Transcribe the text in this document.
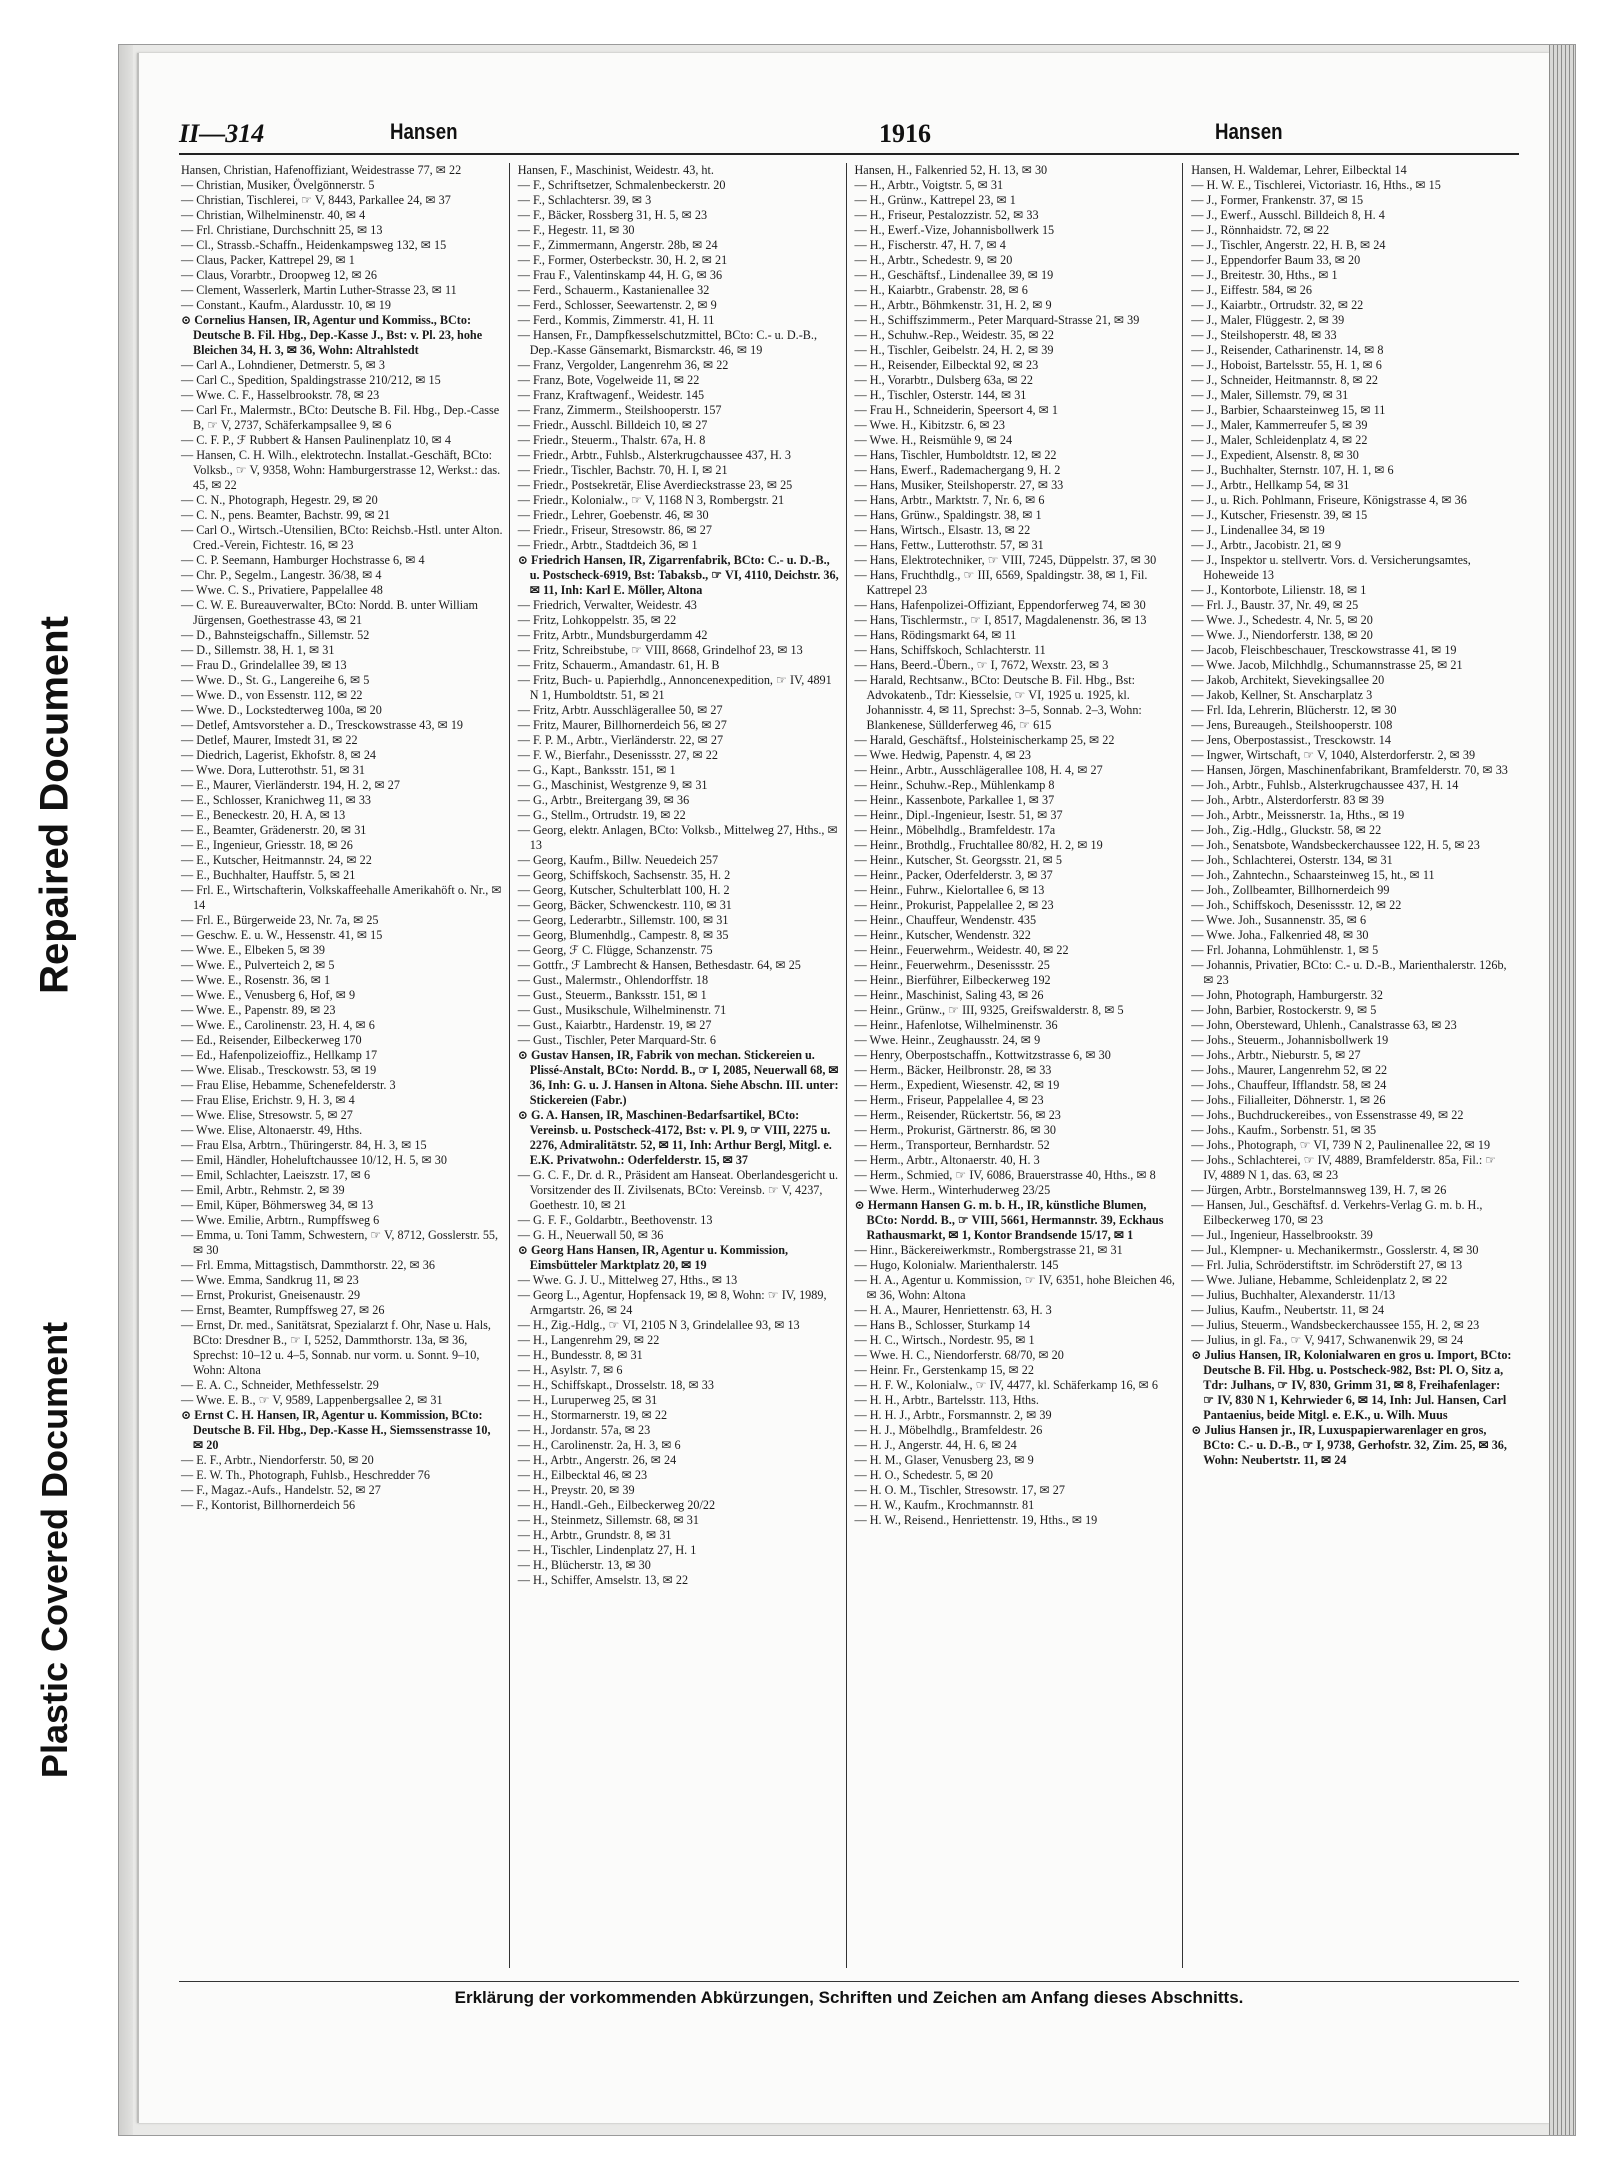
Repaired Document
Plastic Covered Document
II—314	Hansen	1916	Hansen
Hansen, Christian, Hafenoffiziant, Weidestrasse 77, ✉ 22
— Christian, Musiker, Övelgönnerstr. 5
— Christian, Tischlerei, ☞ V, 8443, Parkallee 24, ✉ 37
— Christian, Wilhelminenstr. 40, ✉ 4
— Frl. Christiane, Durchschnitt 25, ✉ 13
— Cl., Strassb.-Schaffn., Heidenkampsweg 132, ✉ 15
— Claus, Packer, Kattrepel 29, ✉ 1
— Claus, Vorarbtr., Droopweg 12, ✉ 26
— Clement, Wasserlerk, Martin Luther-Strasse 23, ✉ 11
— Constant., Kaufm., Alardusstr. 10, ✉ 19
⊙ Cornelius Hansen, IR, Agentur und Kommiss., BCto: Deutsche B. Fil. Hbg., Dep.-Kasse J., Bst: v. Pl. 23, hohe Bleichen 34, H. 3, ✉ 36, Wohn: Altrahlstedt
— Carl A., Lohndiener, Detmerstr. 5, ✉ 3
— Carl C., Spedition, Spaldingstrasse 210/212, ✉ 15
— Wwe. C. F., Hasselbrookstr. 78, ✉ 23
— Carl Fr., Malermstr., BCto: Deutsche B. Fil. Hbg., Dep.-Casse B, ☞ V, 2737, Schäferkampsallee 9, ✉ 6
— C. F. P., ℱ Rubbert & Hansen Paulinenplatz 10, ✉ 4
— Hansen, C. H. Wilh., elektrotechn. Installat.-Geschäft, BCto: Volksb., ☞ V, 9358, Wohn: Hamburgerstrasse 12, Werkst.: das. 45, ✉ 22
— C. N., Photograph, Hegestr. 29, ✉ 20
— C. N., pens. Beamter, Bachstr. 99, ✉ 21
— Carl O., Wirtsch.-Utensilien, BCto: Reichsb.-Hstl. unter Alton. Cred.-Verein, Fichtestr. 16, ✉ 23
— C. P. Seemann, Hamburger Hochstrasse 6, ✉ 4
— Chr. P., Segelm., Langestr. 36/38, ✉ 4
— Wwe. C. S., Privatiere, Pappelallee 48
— C. W. E. Bureauverwalter, BCto: Nordd. B. unter William Jürgensen, Goethestrasse 43, ✉ 21
— D., Bahnsteigschaffn., Sillemstr. 52
— D., Sillemstr. 38, H. 1, ✉ 31
— Frau D., Grindelallee 39, ✉ 13
— Wwe. D., St. G., Langereihe 6, ✉ 5
— Wwe. D., von Essenstr. 112, ✉ 22
— Wwe. D., Lockstedterweg 100a, ✉ 20
— Detlef, Amtsvorsteher a. D., Tresckowstrasse 43, ✉ 19
— Detlef, Maurer, Imstedt 31, ✉ 22
— Diedrich, Lagerist, Ekhofstr. 8, ✉ 24
— Wwe. Dora, Lutterothstr. 51, ✉ 31
— E., Maurer, Vierländerstr. 194, H. 2, ✉ 27
— E., Schlosser, Kranichweg 11, ✉ 33
— E., Beneckestr. 20, H. A, ✉ 13
— E., Beamter, Grädenerstr. 20, ✉ 31
— E., Ingenieur, Griesstr. 18, ✉ 26
— E., Kutscher, Heitmannstr. 24, ✉ 22
— E., Buchhalter, Hauffstr. 5, ✉ 21
— Frl. E., Wirtschafterin, Volkskaffeehalle Amerikahöft o. Nr., ✉ 14
— Frl. E., Bürgerweide 23, Nr. 7a, ✉ 25
— Geschw. E. u. W., Hessenstr. 41, ✉ 15
— Wwe. E., Elbeken 5, ✉ 39
— Wwe. E., Pulverteich 2, ✉ 5
— Wwe. E., Rosenstr. 36, ✉ 1
— Wwe. E., Venusberg 6, Hof, ✉ 9
— Wwe. E., Papenstr. 89, ✉ 23
— Wwe. E., Carolinenstr. 23, H. 4, ✉ 6
— Ed., Reisender, Eilbeckerweg 170
— Ed., Hafenpolizeioffiz., Hellkamp 17
— Wwe. Elisab., Tresckowstr. 53, ✉ 19
— Frau Elise, Hebamme, Schenefelderstr. 3
— Frau Elise, Erichstr. 9, H. 3, ✉ 4
— Wwe. Elise, Stresowstr. 5, ✉ 27
— Wwe. Elise, Altonaerstr. 49, Hths.
— Frau Elsa, Arbtrn., Thüringerstr. 84, H. 3, ✉ 15
— Emil, Händler, Hoheluftchaussee 10/12, H. 5, ✉ 30
— Emil, Schlachter, Laeiszstr. 17, ✉ 6
— Emil, Arbtr., Rehmstr. 2, ✉ 39
— Emil, Küper, Böhmersweg 34, ✉ 13
— Wwe. Emilie, Arbtrn., Rumpffsweg 6
— Emma, u. Toni Tamm, Schwestern, ☞ V, 8712, Gosslerstr. 55, ✉ 30
— Frl. Emma, Mittagstisch, Dammthorstr. 22, ✉ 36
— Wwe. Emma, Sandkrug 11, ✉ 23
— Ernst, Prokurist, Gneisenaustr. 29
— Ernst, Beamter, Rumpffsweg 27, ✉ 26
— Ernst, Dr. med., Sanitätsrat, Spezialarzt f. Ohr, Nase u. Hals, BCto: Dresdner B., ☞ I, 5252, Dammthorstr. 13a, ✉ 36, Sprechst: 10–12 u. 4–5, Sonnab. nur vorm. u. Sonnt. 9–10, Wohn: Altona
— E. A. C., Schneider, Methfesselstr. 29
— Wwe. E. B., ☞ V, 9589, Lappenbergsallee 2, ✉ 31
⊙ Ernst C. H. Hansen, IR, Agentur u. Kommission, BCto: Deutsche B. Fil. Hbg., Dep.-Kasse H., Siemssenstrasse 10, ✉ 20
— E. F., Arbtr., Niendorferstr. 50, ✉ 20
— E. W. Th., Photograph, Fuhlsb., Heschredder 76
— F., Magaz.-Aufs., Handelstr. 52, ✉ 27
— F., Kontorist, Billhornerdeich 56
Hansen, F., Maschinist, Weidestr. 43, ht.
— F., Schriftsetzer, Schmalenbeckerstr. 20
— F., Schlachtersr. 39, ✉ 3
— F., Bäcker, Rossberg 31, H. 5, ✉ 23
— F., Hegestr. 11, ✉ 30
— F., Zimmermann, Angerstr. 28b, ✉ 24
— F., Former, Osterbeckstr. 30, H. 2, ✉ 21
— Frau F., Valentinskamp 44, H. G, ✉ 36
— Ferd., Schauerm., Kastanienallee 32
— Ferd., Schlosser, Seewartenstr. 2, ✉ 9
— Ferd., Kommis, Zimmerstr. 41, H. 11
— Hansen, Fr., Dampfkesselschutzmittel, BCto: C.- u. D.-B., Dep.-Kasse Gänsemarkt, Bismarckstr. 46, ✉ 19
— Franz, Vergolder, Langenrehm 36, ✉ 22
— Franz, Bote, Vogelweide 11, ✉ 22
— Franz, Kraftwagenf., Weidestr. 145
— Franz, Zimmerm., Steilshooperstr. 157
— Friedr., Ausschl. Billdeich 10, ✉ 27
— Friedr., Steuerm., Thalstr. 67a, H. 8
— Friedr., Arbtr., Fuhlsb., Alsterkrugchaussee 437, H. 3
— Friedr., Tischler, Bachstr. 70, H. I, ✉ 21
— Friedr., Postsekretär, Elise Averdieckstrasse 23, ✉ 25
— Friedr., Kolonialw., ☞ V, 1168 N 3, Rombergstr. 21
— Friedr., Lehrer, Goebenstr. 46, ✉ 30
— Friedr., Friseur, Stresowstr. 86, ✉ 27
— Friedr., Arbtr., Stadtdeich 36, ✉ 1
⊙ Friedrich Hansen, IR, Zigarrenfabrik, BCto: C.- u. D.-B., u. Postscheck-6919, Bst: Tabaksb., ☞ VI, 4110, Deichstr. 36, ✉ 11, Inh: Karl E. Möller, Altona
— Friedrich, Verwalter, Weidestr. 43
— Fritz, Lohkoppelstr. 35, ✉ 22
— Fritz, Arbtr., Mundsburgerdamm 42
— Fritz, Schreibstube, ☞ VIII, 8668, Grindelhof 23, ✉ 13
— Fritz, Schauerm., Amandastr. 61, H. B
— Fritz, Buch- u. Papierhdlg., Annoncenexpedition, ☞ IV, 4891 N 1, Humboldtstr. 51, ✉ 21
— Fritz, Arbtr. Ausschlägerallee 50, ✉ 27
— Fritz, Maurer, Billhornerdeich 56, ✉ 27
— F. P. M., Arbtr., Vierländerstr. 22, ✉ 27
— F. W., Bierfahr., Desenissstr. 27, ✉ 22
— G., Kapt., Banksstr. 151, ✉ 1
— G., Maschinist, Westgrenze 9, ✉ 31
— G., Arbtr., Breitergang 39, ✉ 36
— G., Stellm., Ortrudstr. 19, ✉ 22
— Georg, elektr. Anlagen, BCto: Volksb., Mittelweg 27, Hths., ✉ 13
— Georg, Kaufm., Billw. Neuedeich 257
— Georg, Schiffskoch, Sachsenstr. 35, H. 2
— Georg, Kutscher, Schulterblatt 100, H. 2
— Georg, Bäcker, Schwenckestr. 110, ✉ 31
— Georg, Lederarbtr., Sillemstr. 100, ✉ 31
— Georg, Blumenhdlg., Campestr. 8, ✉ 35
— Georg, ℱ C. Flügge, Schanzenstr. 75
— Gottfr., ℱ Lambrecht & Hansen, Bethesdastr. 64, ✉ 25
— Gust., Malermstr., Ohlendorffstr. 18
— Gust., Steuerm., Banksstr. 151, ✉ 1
— Gust., Musikschule, Wilhelminenstr. 71
— Gust., Kaiarbtr., Hardenstr. 19, ✉ 27
— Gust., Tischler, Peter Marquard-Str. 6
⊙ Gustav Hansen, IR, Fabrik von mechan. Stickereien u. Plissé-Anstalt, BCto: Nordd. B., ☞ I, 2085, Neuerwall 68, ✉ 36, Inh: G. u. J. Hansen in Altona. Siehe Abschn. III. unter: Stickereien (Fabr.)
⊙ G. A. Hansen, IR, Maschinen-Bedarfsartikel, BCto: Vereinsb. u. Postscheck-4172, Bst: v. Pl. 9, ☞ VIII, 2275 u. 2276, Admiralitätstr. 52, ✉ 11, Inh: Arthur Bergl, Mitgl. e. E.K. Privatwohn.: Oderfelderstr. 15, ✉ 37
— G. C. F., Dr. d. R., Präsident am Hanseat. Oberlandesgericht u. Vorsitzender des II. Zivilsenats, BCto: Vereinsb. ☞ V, 4237, Goethestr. 10, ✉ 21
— G. F. F., Goldarbtr., Beethovenstr. 13
— G. H., Neuerwall 50, ✉ 36
⊙ Georg Hans Hansen, IR, Agentur u. Kommission, Eimsbütteler Marktplatz 20, ✉ 19
— Wwe. G. J. U., Mittelweg 27, Hths., ✉ 13
— Georg L., Agentur, Hopfensack 19, ✉ 8, Wohn: ☞ IV, 1989, Armgartstr. 26, ✉ 24
— H., Zig.-Hdlg., ☞ VI, 2105 N 3, Grindelallee 93, ✉ 13
— H., Langenrehm 29, ✉ 22
— H., Bundesstr. 8, ✉ 31
— H., Asylstr. 7, ✉ 6
— H., Schiffskapt., Drosselstr. 18, ✉ 33
— H., Luruperweg 25, ✉ 31
— H., Stormarnerstr. 19, ✉ 22
— H., Jordanstr. 57a, ✉ 23
— H., Carolinenstr. 2a, H. 3, ✉ 6
— H., Arbtr., Angerstr. 26, ✉ 24
— H., Eilbecktal 46, ✉ 23
— H., Preystr. 20, ✉ 39
— H., Handl.-Geh., Eilbeckerweg 20/22
— H., Steinmetz, Sillemstr. 68, ✉ 31
— H., Arbtr., Grundstr. 8, ✉ 31
— H., Tischler, Lindenplatz 27, H. 1
— H., Blücherstr. 13, ✉ 30
— H., Schiffer, Amselstr. 13, ✉ 22
Hansen, H., Falkenried 52, H. 13, ✉ 30
— H., Arbtr., Voigtstr. 5, ✉ 31
— H., Grünw., Kattrepel 23, ✉ 1
— H., Friseur, Pestalozzistr. 52, ✉ 33
— H., Ewerf.-Vize, Johannisbollwerk 15
— H., Fischerstr. 47, H. 7, ✉ 4
— H., Arbtr., Schedestr. 9, ✉ 20
— H., Geschäftsf., Lindenallee 39, ✉ 19
— H., Kaiarbtr., Grabenstr. 28, ✉ 6
— H., Arbtr., Böhmkenstr. 31, H. 2, ✉ 9
— H., Schiffszimmerm., Peter Marquard-Strasse 21, ✉ 39
— H., Schuhw.-Rep., Weidestr. 35, ✉ 22
— H., Tischler, Geibelstr. 24, H. 2, ✉ 39
— H., Reisender, Eilbecktal 92, ✉ 23
— H., Vorarbtr., Dulsberg 63a, ✉ 22
— H., Tischler, Osterstr. 144, ✉ 31
— Frau H., Schneiderin, Speersort 4, ✉ 1
— Wwe. H., Kibitzstr. 6, ✉ 23
— Wwe. H., Reismühle 9, ✉ 24
— Hans, Tischler, Humboldtstr. 12, ✉ 22
— Hans, Ewerf., Rademachergang 9, H. 2
— Hans, Musiker, Steilshoperstr. 27, ✉ 33
— Hans, Arbtr., Marktstr. 7, Nr. 6, ✉ 6
— Hans, Grünw., Spaldingstr. 38, ✉ 1
— Hans, Wirtsch., Elsastr. 13, ✉ 22
— Hans, Fettw., Lutterothstr. 57, ✉ 31
— Hans, Elektrotechniker, ☞ VIII, 7245, Düppelstr. 37, ✉ 30
— Hans, Fruchthdlg., ☞ III, 6569, Spaldingstr. 38, ✉ 1, Fil. Kattrepel 23
— Hans, Hafenpolizei-Offiziant, Eppendorferweg 74, ✉ 30
— Hans, Tischlermstr., ☞ I, 8517, Magdalenenstr. 36, ✉ 13
— Hans, Rödingsmarkt 64, ✉ 11
— Hans, Schiffskoch, Schlachterstr. 11
— Hans, Beerd.-Übern., ☞ I, 7672, Wexstr. 23, ✉ 3
— Harald, Rechtsanw., BCto: Deutsche B. Fil. Hbg., Bst: Advokatenb., Tdr: Kiesselsie, ☞ VI, 1925 u. 1925, kl. Johannisstr. 4, ✉ 11, Sprechst: 3–5, Sonnab. 2–3, Wohn: Blankenese, Süllderferweg 46, ☞ 615
— Harald, Geschäftsf., Holsteinischerkamp 25, ✉ 22
— Wwe. Hedwig, Papenstr. 4, ✉ 23
— Heinr., Arbtr., Ausschlägerallee 108, H. 4, ✉ 27
— Heinr., Schuhw.-Rep., Mühlenkamp 8
— Heinr., Kassenbote, Parkallee 1, ✉ 37
— Heinr., Dipl.-Ingenieur, Isestr. 51, ✉ 37
— Heinr., Möbelhdlg., Bramfeldestr. 17a
— Heinr., Brothdlg., Fruchtallee 80/82, H. 2, ✉ 19
— Heinr., Kutscher, St. Georgsstr. 21, ✉ 5
— Heinr., Packer, Oderfelderstr. 3, ✉ 37
— Heinr., Fuhrw., Kielortallee 6, ✉ 13
— Heinr., Prokurist, Pappelallee 2, ✉ 23
— Heinr., Chauffeur, Wendenstr. 435
— Heinr., Kutscher, Wendenstr. 322
— Heinr., Feuerwehrm., Weidestr. 40, ✉ 22
— Heinr., Feuerwehrm., Desenissstr. 25
— Heinr., Bierführer, Eilbeckerweg 192
— Heinr., Maschinist, Saling 43, ✉ 26
— Heinr., Grünw., ☞ III, 9325, Greifswalderstr. 8, ✉ 5
— Heinr., Hafenlotse, Wilhelminenstr. 36
— Wwe. Heinr., Zeughausstr. 24, ✉ 9
— Henry, Oberpostschaffn., Kottwitzstrasse 6, ✉ 30
— Herm., Bäcker, Heilbronstr. 28, ✉ 33
— Herm., Expedient, Wiesenstr. 42, ✉ 19
— Herm., Friseur, Pappelallee 4, ✉ 23
— Herm., Reisender, Rückertstr. 56, ✉ 23
— Herm., Prokurist, Gärtnerstr. 86, ✉ 30
— Herm., Transporteur, Bernhardstr. 52
— Herm., Arbtr., Altonaerstr. 40, H. 3
— Herm., Schmied, ☞ IV, 6086, Brauerstrasse 40, Hths., ✉ 8
— Wwe. Herm., Winterhuderweg 23/25
⊙ Hermann Hansen G. m. b. H., IR, künstliche Blumen, BCto: Nordd. B., ☞ VIII, 5661, Hermannstr. 39, Eckhaus Rathausmarkt, ✉ 1, Kontor Brandsende 15/17, ✉ 1
— Hinr., Bäckereiwerkmstr., Rombergstrasse 21, ✉ 31
— Hugo, Kolonialw. Marienthalerstr. 145
— H. A., Agentur u. Kommission, ☞ IV, 6351, hohe Bleichen 46, ✉ 36, Wohn: Altona
— H. A., Maurer, Henriettenstr. 63, H. 3
— Hans B., Schlosser, Sturkamp 14
— H. C., Wirtsch., Nordestr. 95, ✉ 1
— Wwe. H. C., Niendorferstr. 68/70, ✉ 20
— Heinr. Fr., Gerstenkamp 15, ✉ 22
— H. F. W., Kolonialw., ☞ IV, 4477, kl. Schäferkamp 16, ✉ 6
— H. H., Arbtr., Bartelsstr. 113, Hths.
— H. H. J., Arbtr., Forsmannstr. 2, ✉ 39
— H. J., Möbelhdlg., Bramfeldestr. 26
— H. J., Angerstr. 44, H. 6, ✉ 24
— H. M., Glaser, Venusberg 23, ✉ 9
— H. O., Schedestr. 5, ✉ 20
— H. O. M., Tischler, Stresowstr. 17, ✉ 27
— H. W., Kaufm., Krochmannstr. 81
— H. W., Reisend., Henriettenstr. 19, Hths., ✉ 19
Hansen, H. Waldemar, Lehrer, Eilbecktal 14
— H. W. E., Tischlerei, Victoriastr. 16, Hths., ✉ 15
— J., Former, Frankenstr. 37, ✉ 15
— J., Ewerf., Ausschl. Billdeich 8, H. 4
— J., Rönnhaidstr. 72, ✉ 22
— J., Tischler, Angerstr. 22, H. B, ✉ 24
— J., Eppendorfer Baum 33, ✉ 20
— J., Breitestr. 30, Hths., ✉ 1
— J., Eiffestr. 584, ✉ 26
— J., Kaiarbtr., Ortrudstr. 32, ✉ 22
— J., Maler, Flüggestr. 2, ✉ 39
— J., Steilshoperstr. 48, ✉ 33
— J., Reisender, Catharinenstr. 14, ✉ 8
— J., Hoboist, Bartelsstr. 55, H. 1, ✉ 6
— J., Schneider, Heitmannstr. 8, ✉ 22
— J., Maler, Sillemstr. 79, ✉ 31
— J., Barbier, Schaarsteinweg 15, ✉ 11
— J., Maler, Kammerreufer 5, ✉ 39
— J., Maler, Schleidenplatz 4, ✉ 22
— J., Expedient, Alsenstr. 8, ✉ 30
— J., Buchhalter, Sternstr. 107, H. 1, ✉ 6
— J., Arbtr., Hellkamp 54, ✉ 31
— J., u. Rich. Pohlmann, Friseure, Königstrasse 4, ✉ 36
— J., Kutscher, Friesenstr. 39, ✉ 15
— J., Lindenallee 34, ✉ 19
— J., Arbtr., Jacobistr. 21, ✉ 9
— J., Inspektor u. stellvertr. Vors. d. Versicherungsamtes, Hoheweide 13
— J., Kontorbote, Lilienstr. 18, ✉ 1
— Frl. J., Baustr. 37, Nr. 49, ✉ 25
— Wwe. J., Schedestr. 4, Nr. 5, ✉ 20
— Wwe. J., Niendorferstr. 138, ✉ 20
— Jacob, Fleischbeschauer, Tresckowstrasse 41, ✉ 19
— Wwe. Jacob, Milchhdlg., Schumannstrasse 25, ✉ 21
— Jakob, Architekt, Sievekingsallee 20
— Jakob, Kellner, St. Anscharplatz 3
— Frl. Ida, Lehrerin, Blücherstr. 12, ✉ 30
— Jens, Bureaugeh., Steilshooperstr. 108
— Jens, Oberpostassist., Tresckowstr. 14
— Ingwer, Wirtschaft, ☞ V, 1040, Alsterdorferstr. 2, ✉ 39
— Hansen, Jörgen, Maschinenfabrikant, Bramfelderstr. 70, ✉ 33
— Joh., Arbtr., Fuhlsb., Alsterkrugchaussee 437, H. 14
— Joh., Arbtr., Alsterdorferstr. 83 ✉ 39
— Joh., Arbtr., Meissnerstr. 1a, Hths., ✉ 19
— Joh., Zig.-Hdlg., Gluckstr. 58, ✉ 22
— Joh., Senatsbote, Wandsbeckerchaussee 122, H. 5, ✉ 23
— Joh., Schlachterei, Osterstr. 134, ✉ 31
— Joh., Zahntechn., Schaarsteinweg 15, ht., ✉ 11
— Joh., Zollbeamter, Billhornerdeich 99
— Joh., Schiffskoch, Desenissstr. 12, ✉ 22
— Wwe. Joh., Susannenstr. 35, ✉ 6
— Wwe. Joha., Falkenried 48, ✉ 30
— Frl. Johanna, Lohmühlenstr. 1, ✉ 5
— Johannis, Privatier, BCto: C.- u. D.-B., Marienthalerstr. 126b, ✉ 23
— John, Photograph, Hamburgerstr. 32
— John, Barbier, Rostockerstr. 9, ✉ 5
— John, Obersteward, Uhlenh., Canalstrasse 63, ✉ 23
— Johs., Steuerm., Johannisbollwerk 19
— Johs., Arbtr., Nieburstr. 5, ✉ 27
— Johs., Maurer, Langenrehm 52, ✉ 22
— Johs., Chauffeur, Ifflandstr. 58, ✉ 24
— Johs., Filialleiter, Döhnerstr. 1, ✉ 26
— Johs., Buchdruckereibes., von Essenstrasse 49, ✉ 22
— Johs., Kaufm., Sorbenstr. 51, ✉ 35
— Johs., Photograph, ☞ VI, 739 N 2, Paulinenallee 22, ✉ 19
— Johs., Schlachterei, ☞ IV, 4889, Bramfelderstr. 85a, Fil.: ☞ IV, 4889 N 1, das. 63, ✉ 23
— Jürgen, Arbtr., Borstelmannsweg 139, H. 7, ✉ 26
— Hansen, Jul., Geschäftsf. d. Verkehrs-Verlag G. m. b. H., Eilbeckerweg 170, ✉ 23
— Jul., Ingenieur, Hasselbrookstr. 39
— Jul., Klempner- u. Mechanikermstr., Gosslerstr. 4, ✉ 30
— Frl. Julia, Schröderstiftstr. im Schröderstift 27, ✉ 13
— Wwe. Juliane, Hebamme, Schleidenplatz 2, ✉ 22
— Julius, Buchhalter, Alexanderstr. 11/13
— Julius, Kaufm., Neubertstr. 11, ✉ 24
— Julius, Steuerm., Wandsbeckerchaussee 155, H. 2, ✉ 23
— Julius, in gl. Fa., ☞ V, 9417, Schwanenwik 29, ✉ 24
⊙ Julius Hansen, IR, Kolonialwaren en gros u. Import, BCto: Deutsche B. Fil. Hbg. u. Postscheck-982, Bst: Pl. O, Sitz a, Tdr: Julhans, ☞ IV, 830, Grimm 31, ✉ 8, Freihafenlager: ☞ IV, 830 N 1, Kehrwieder 6, ✉ 14, Inh: Jul. Hansen, Carl Pantaenius, beide Mitgl. e. E.K., u. Wilh. Muus
⊙ Julius Hansen jr., IR, Luxuspapierwarenlager en gros, BCto: C.- u. D.-B., ☞ I, 9738, Gerhofstr. 32, Zim. 25, ✉ 36, Wohn: Neubertstr. 11, ✉ 24
Erklärung der vorkommenden Abkürzungen, Schriften und Zeichen am Anfang dieses Abschnitts.
